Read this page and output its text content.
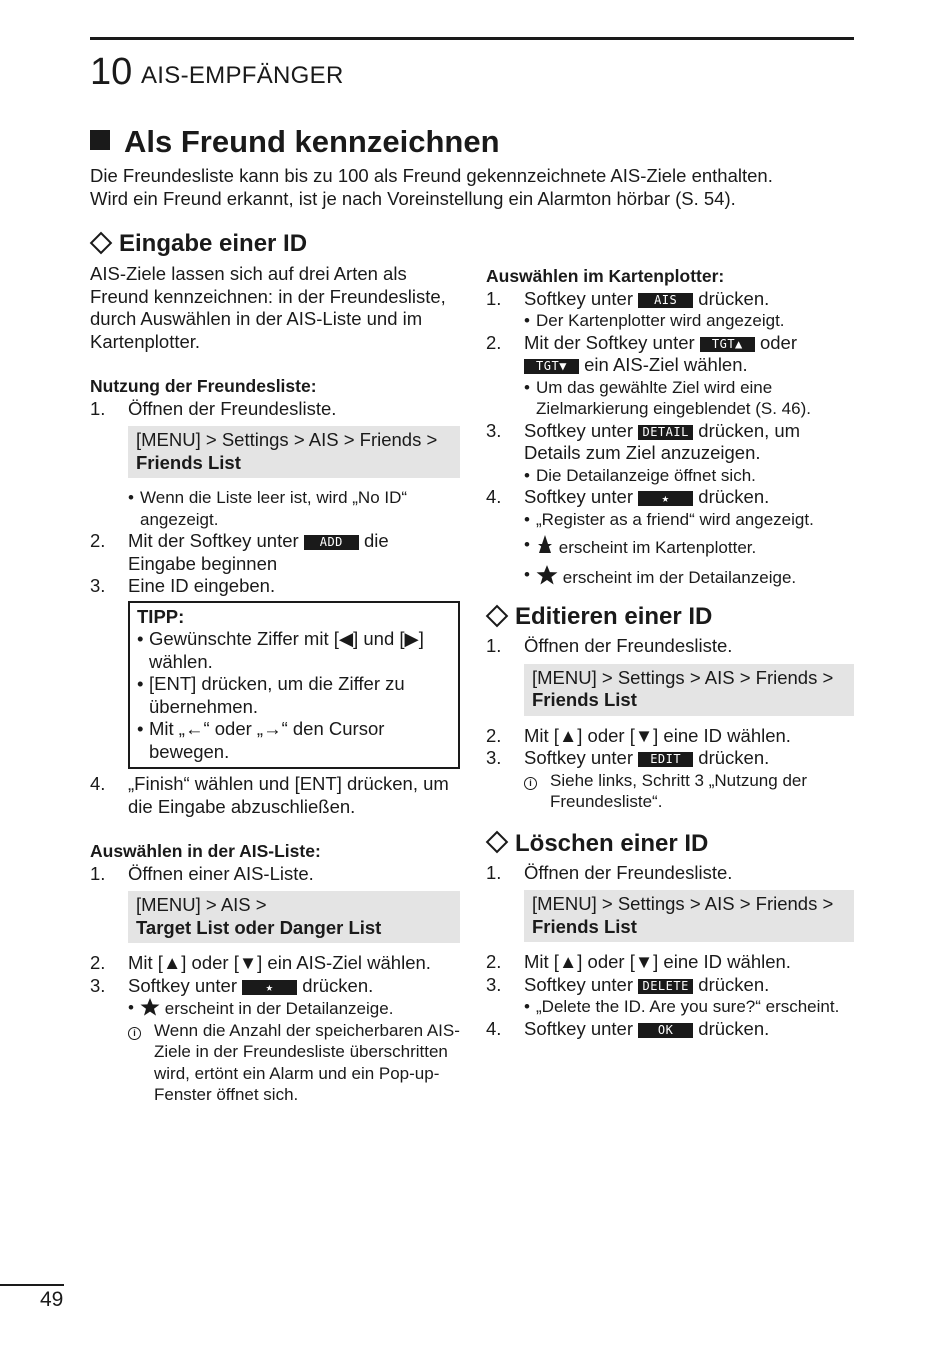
10 AIS-EMPFÄNGER
Als Freund kennzeichnen

Die Freundesliste kann bis zu 100 als Freund gekennzeichnete AIS-Ziele enthalten.

Wird ein Freund erkannt, ist je nach Voreinstellung ein Alarmton hörbar (S. 54).

Eingabe einer ID

AIS-Ziele lassen sich auf drei Arten als Freund kennzeichnen: in der Freundesliste, durch Auswählen in der AIS-Liste und im Kartenplotter.

Nutzung der Freundesliste:

1.	Öffnen der Freundesliste.
[MENU] > Settings > AIS > Friends >
Friends List
• Wenn die Liste leer ist, wird „No ID“ angezeigt.
2.	Mit der Softkey unter ADD die Eingabe beginnen
3.	Eine ID eingeben.
TIPP:
• Gewünschte Ziffer mit [◀] und [▶] wählen.
• [ENT] drücken, um die Ziffer zu übernehmen.
• Mit „←“ oder „→“ den Cursor bewegen.
4.	„Finish“ wählen und [ENT] drücken, um die Eingabe abzuschließen.

Auswählen in der AIS-Liste:

1.	Öffnen einer AIS-Liste.
[MENU] > AIS >
Target List oder Danger List
2.	Mit [▲] oder [▼] ein AIS-Ziel wählen.
3.	Softkey unter ★ drücken.
•	erscheint in der Detailanzeige.
i	Wenn die Anzahl der speicherbaren AIS-Ziele in der Freundesliste überschritten wird, ertönt ein Alarm und ein Pop-up-Fenster öffnet sich.

Auswählen im Kartenplotter:

1.	Softkey unter AIS drücken.
• Der Kartenplotter wird angezeigt.
2.	Mit der Softkey unter TGT▲ oder TGT▼ ein AIS-Ziel wählen.
• Um das gewählte Ziel wird eine Zielmarkierung eingeblendet (S. 46).
3.	Softkey unter DETAIL drücken, um Details zum Ziel anzuzeigen.
• Die Detailanzeige öffnet sich.
4.	Softkey unter ★ drücken.
• „Register as a friend“ wird angezeigt.
•	erscheint im Kartenplotter.
•	erscheint im der Detailanzeige.
Editieren einer ID
1.	Öffnen der Freundesliste.
[MENU] > Settings > AIS > Friends >
Friends List
2.	Mit [▲] oder [▼] eine ID wählen.
3.	Softkey unter EDIT drücken.
i	Siehe links, Schritt 3 „Nutzung der Freundesliste“.
Löschen einer ID
1.	Öffnen der Freundesliste.
[MENU] > Settings > AIS > Friends >
Friends List
2.	Mit [▲] oder [▼] eine ID wählen.
3.	Softkey unter DELETE drücken.
• „Delete the ID. Are you sure?“ erscheint.
4.	Softkey unter OK drücken.
49
